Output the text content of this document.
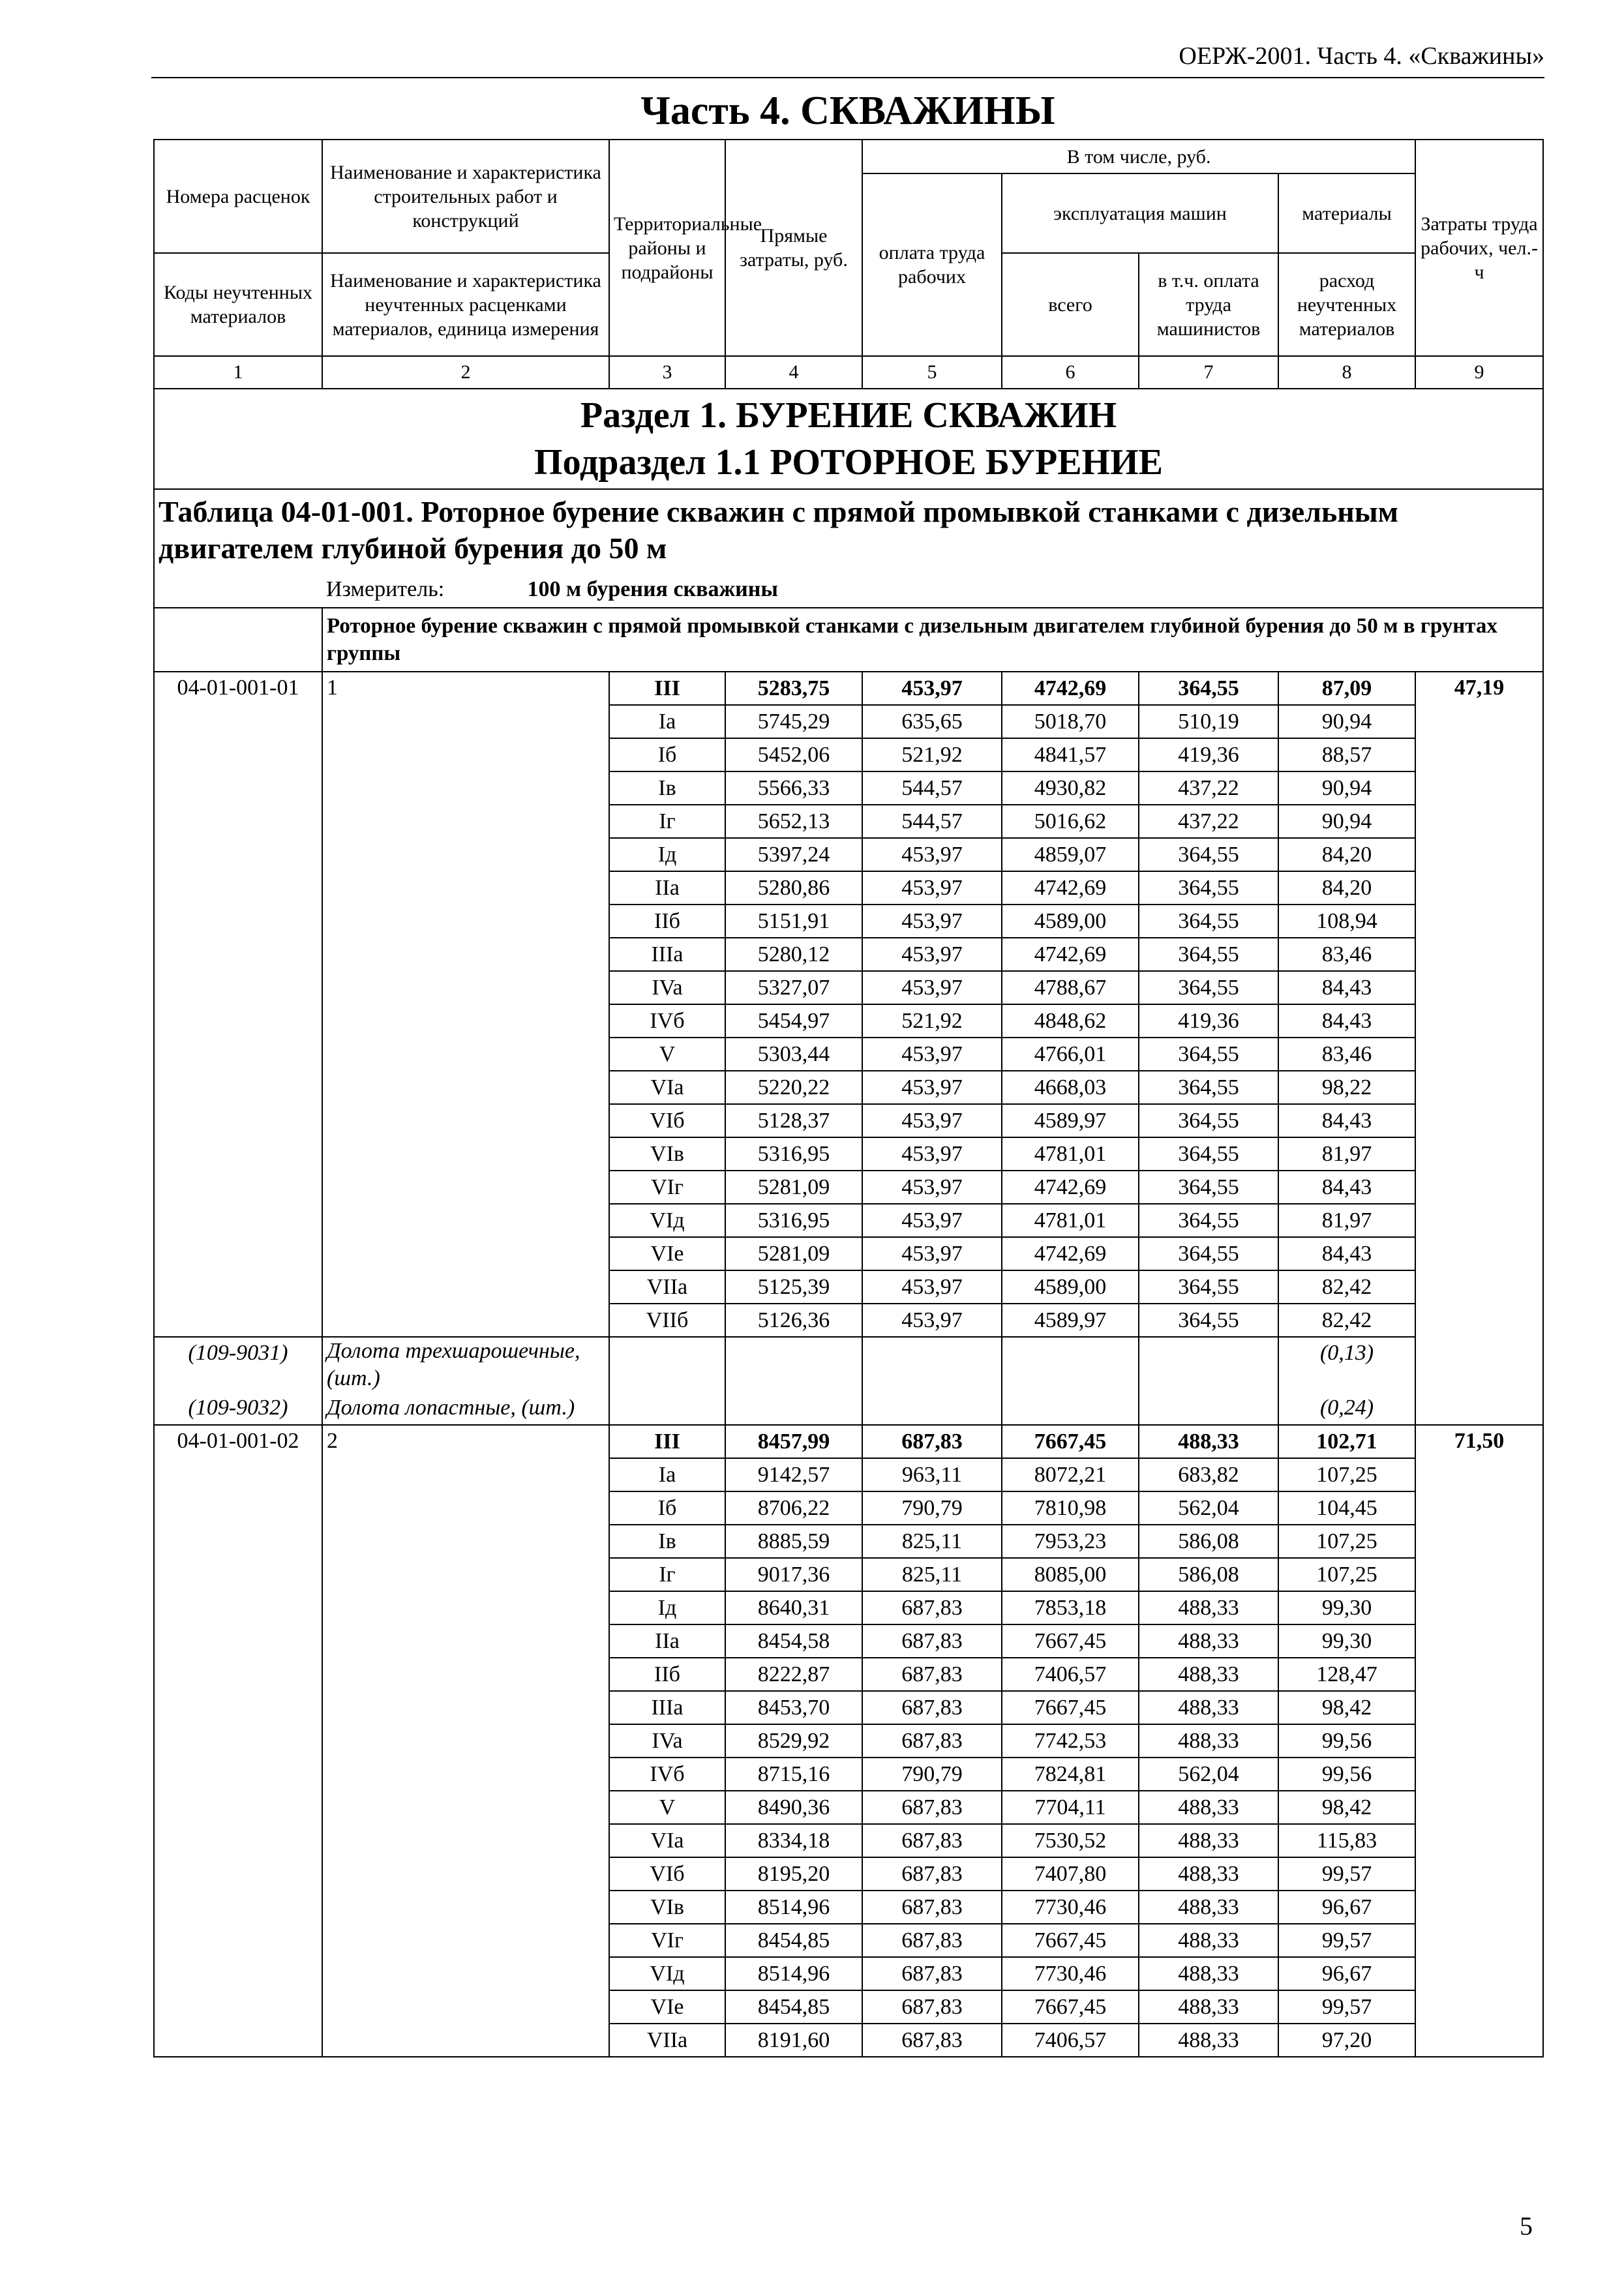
ОЕРЖ-2001. Часть 4. «Скважины»
Часть 4. СКВАЖИНЫ
Номера расценок	Наименование и характеристика строительных работ и конструкций	Территориальные районы и подрайоны	Прямые затраты, руб.	В том числе, руб.				Затраты труда рабочих, чел.-ч
				оплата труда рабочих	эксплуатация машин		материалы	
Коды неучтенных материалов	Наименование и характеристика неучтенных расценками материалов, единица измерения				всего	в т.ч. оплата труда машинистов	расход неучтенных материалов	
1	2	3	4	5	6	7	8	9

Раздел 1. БУРЕНИЕ СКВАЖИН
Подраздел 1.1 РОТОРНОЕ БУРЕНИЕ								

Таблица 04-01-001. Роторное бурение скважин с прямой промывкой станками с дизельным двигателем глубиной бурения до 50 м								
	Измеритель: 100 м бурения скважины							
	Роторное бурение скважин с прямой промывкой станками с дизельным двигателем глубиной бурения до 50 м в грунтах группы							
04-01-001-01	1	III	5283,75	453,97	4742,69	364,55	87,09	47,19
		Ia	5745,29	635,65	5018,70	510,19	90,94	
		Iб	5452,06	521,92	4841,57	419,36	88,57	
		Iв	5566,33	544,57	4930,82	437,22	90,94	
		Iг	5652,13	544,57	5016,62	437,22	90,94	
		Iд	5397,24	453,97	4859,07	364,55	84,20	
		IIa	5280,86	453,97	4742,69	364,55	84,20	
		IIб	5151,91	453,97	4589,00	364,55	108,94	
		IIIa	5280,12	453,97	4742,69	364,55	83,46	
		IVa	5327,07	453,97	4788,67	364,55	84,43	
		IVб	5454,97	521,92	4848,62	419,36	84,43	
		V	5303,44	453,97	4766,01	364,55	83,46	
		VIa	5220,22	453,97	4668,03	364,55	98,22	
		VIб	5128,37	453,97	4589,97	364,55	84,43	
		VIв	5316,95	453,97	4781,01	364,55	81,97	
		VIг	5281,09	453,97	4742,69	364,55	84,43	
		VIд	5316,95	453,97	4781,01	364,55	81,97	
		VIe	5281,09	453,97	4742,69	364,55	84,43	
		VIIa	5125,39	453,97	4589,00	364,55	82,42	
		VIIб	5126,36	453,97	4589,97	364,55	82,42	
(109-9031)	Долота трехшарошечные, (шт.)						(0,13)	
(109-9032)	Долота лопастные, (шт.)						(0,24)	
04-01-001-02	2	III	8457,99	687,83	7667,45	488,33	102,71	71,50
		Ia	9142,57	963,11	8072,21	683,82	107,25	
		Iб	8706,22	790,79	7810,98	562,04	104,45	
		Iв	8885,59	825,11	7953,23	586,08	107,25	
		Iг	9017,36	825,11	8085,00	586,08	107,25	
		Iд	8640,31	687,83	7853,18	488,33	99,30	
		IIa	8454,58	687,83	7667,45	488,33	99,30	
		IIб	8222,87	687,83	7406,57	488,33	128,47	
		IIIa	8453,70	687,83	7667,45	488,33	98,42	
		IVa	8529,92	687,83	7742,53	488,33	99,56	
		IVб	8715,16	790,79	7824,81	562,04	99,56	
		V	8490,36	687,83	7704,11	488,33	98,42	
		VIa	8334,18	687,83	7530,52	488,33	115,83	
		VIб	8195,20	687,83	7407,80	488,33	99,57	
		VIв	8514,96	687,83	7730,46	488,33	96,67	
		VIг	8454,85	687,83	7667,45	488,33	99,57	
		VIд	8514,96	687,83	7730,46	488,33	96,67	
		VIe	8454,85	687,83	7667,45	488,33	99,57	
		VIIa	8191,60	687,83	7406,57	488,33	97,20	
5
